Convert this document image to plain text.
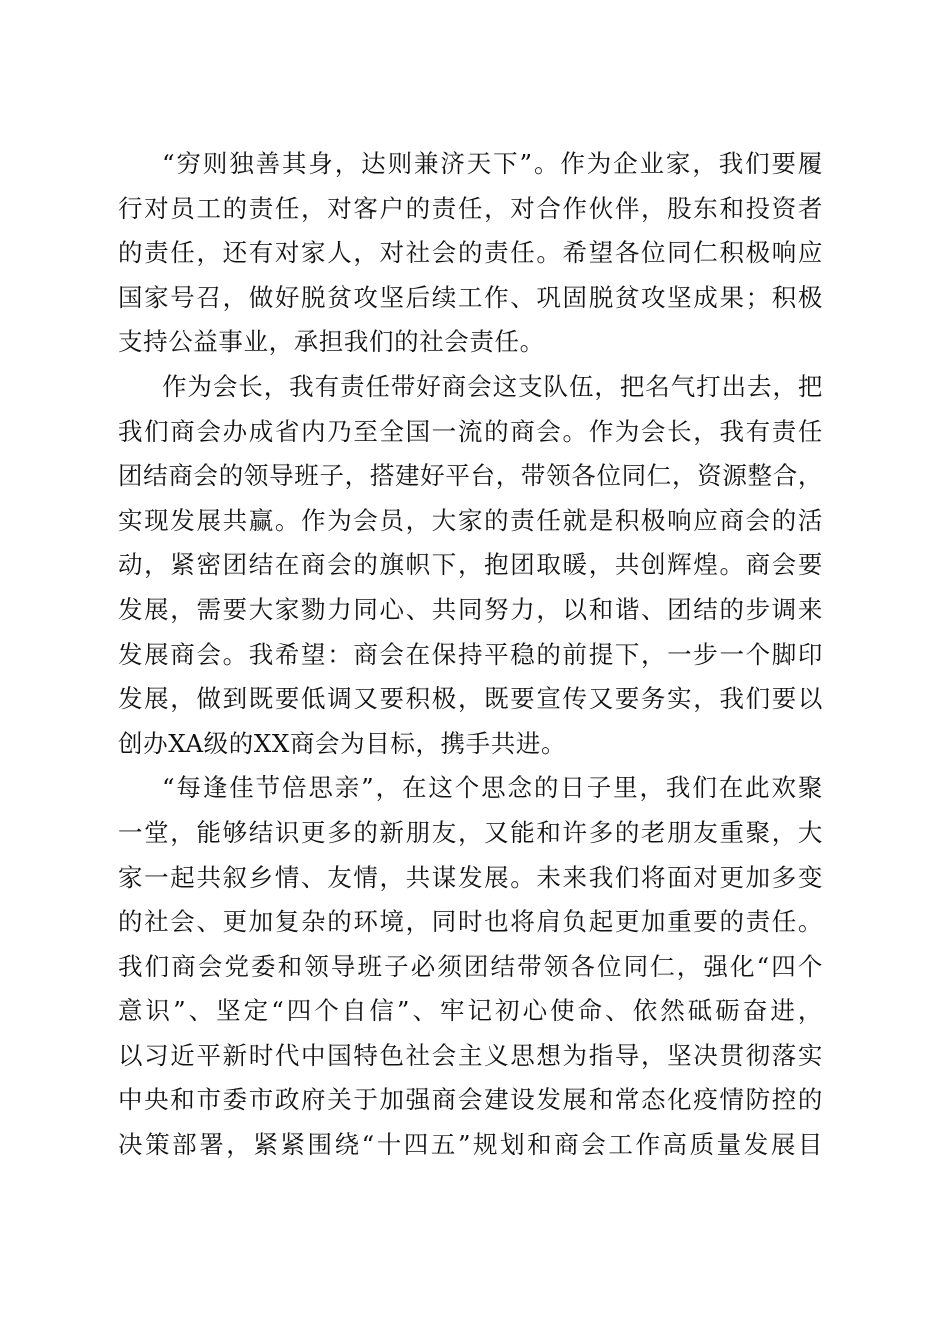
“穷则独善其身，达则兼济天下”。作为企业家，我们要履
行对员工的责任，对客户的责任，对合作伙伴，股东和投资者
的责任，还有对家人，对社会的责任。希望各位同仁积极响应
国家号召，做好脱贫攻坚后续工作、巩固脱贫攻坚成果；积极
支持公益事业，承担我们的社会责任。
作为会长，我有责任带好商会这支队伍，把名气打出去，把
我们商会办成省内乃至全国一流的商会。作为会长，我有责任
团结商会的领导班子，搭建好平台，带领各位同仁，资源整合，
实现发展共赢。作为会员，大家的责任就是积极响应商会的活
动，紧密团结在商会的旗帜下，抱团取暖，共创辉煌。商会要
发展，需要大家勠力同心、共同努力，以和谐、团结的步调来
发展商会。我希望：商会在保持平稳的前提下，一步一个脚印
发展，做到既要低调又要积极，既要宣传又要务实，我们要以
创办XA级的XX商会为目标，携手共进。
“每逢佳节倍思亲”，在这个思念的日子里，我们在此欢聚
一堂，能够结识更多的新朋友，又能和许多的老朋友重聚，大
家一起共叙乡情、友情，共谋发展。未来我们将面对更加多变
的社会、更加复杂的环境，同时也将肩负起更加重要的责任。
我们商会党委和领导班子必须团结带领各位同仁，强化“四个
意识”、坚定“四个自信”、牢记初心使命、依然砥砺奋进，
以习近平新时代中国特色社会主义思想为指导，坚决贯彻落实
中央和市委市政府关于加强商会建设发展和常态化疫情防控的
决策部署，紧紧围绕“十四五”规划和商会工作高质量发展目
